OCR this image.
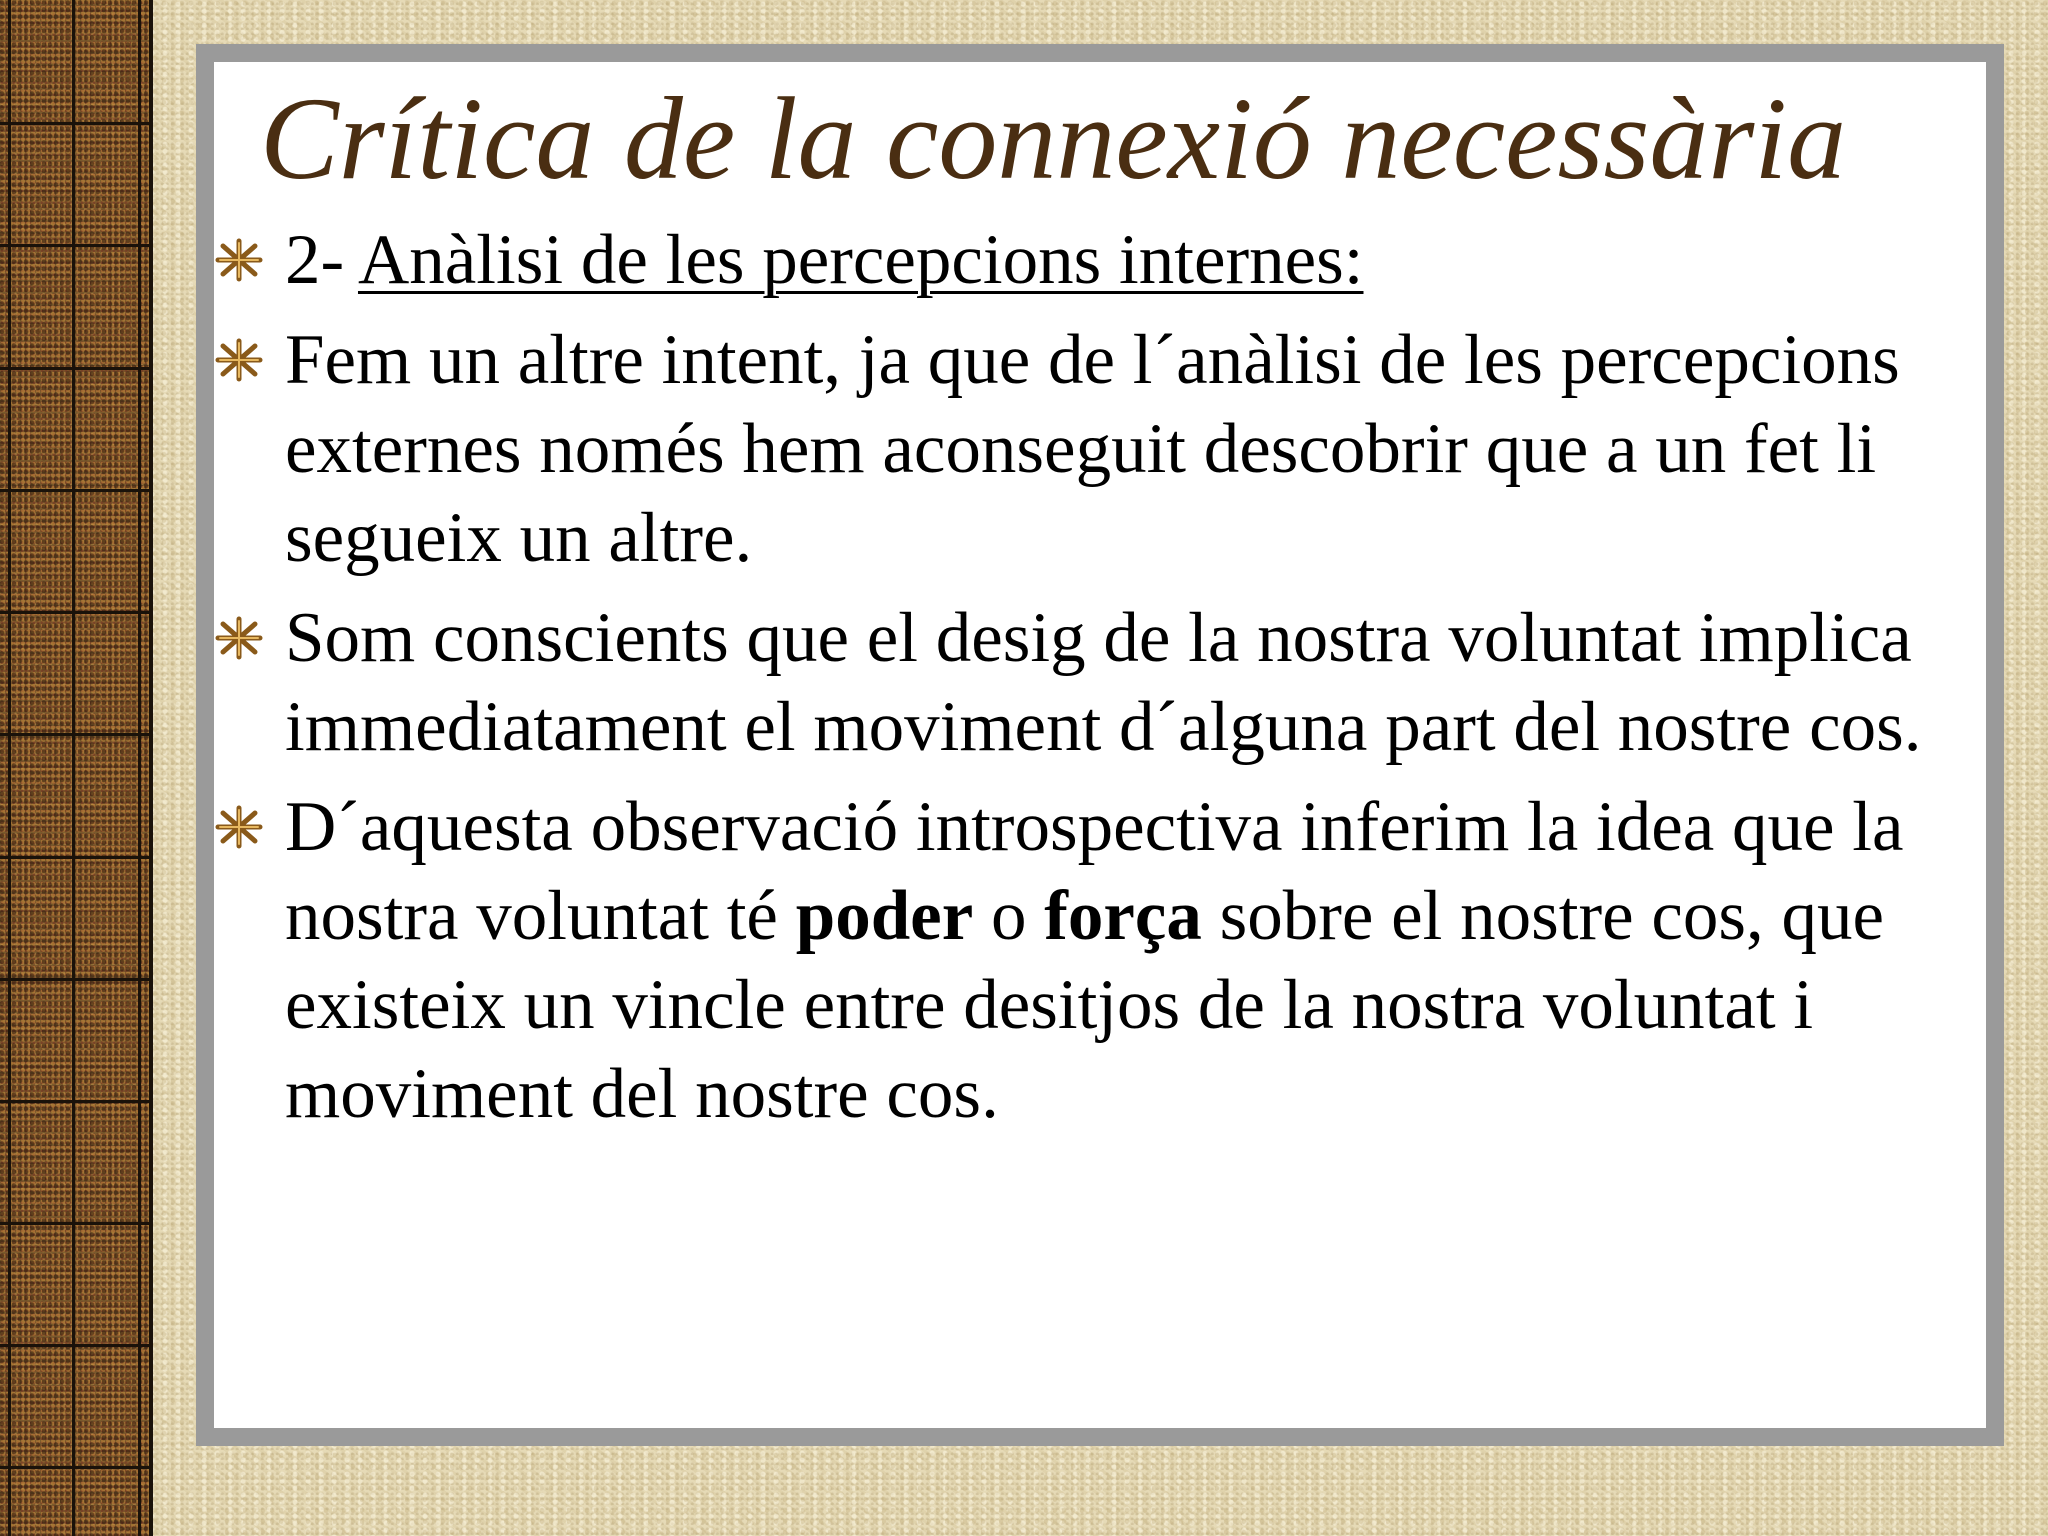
Crítica de la connexió necessària
2- Anàlisi de les percepcions internes:
Fem un altre intent, ja que de l´anàlisi de les percepcions externes només hem aconseguit descobrir que a un fet li segueix un altre.
Som conscients que el desig de la nostra voluntat implica immediatament el moviment d´alguna part del nostre cos.
D´aquesta observació introspectiva inferim la idea que la nostra voluntat té poder o força sobre el nostre cos, que existeix un vincle entre desitjos de la nostra voluntat i moviment del nostre cos.
